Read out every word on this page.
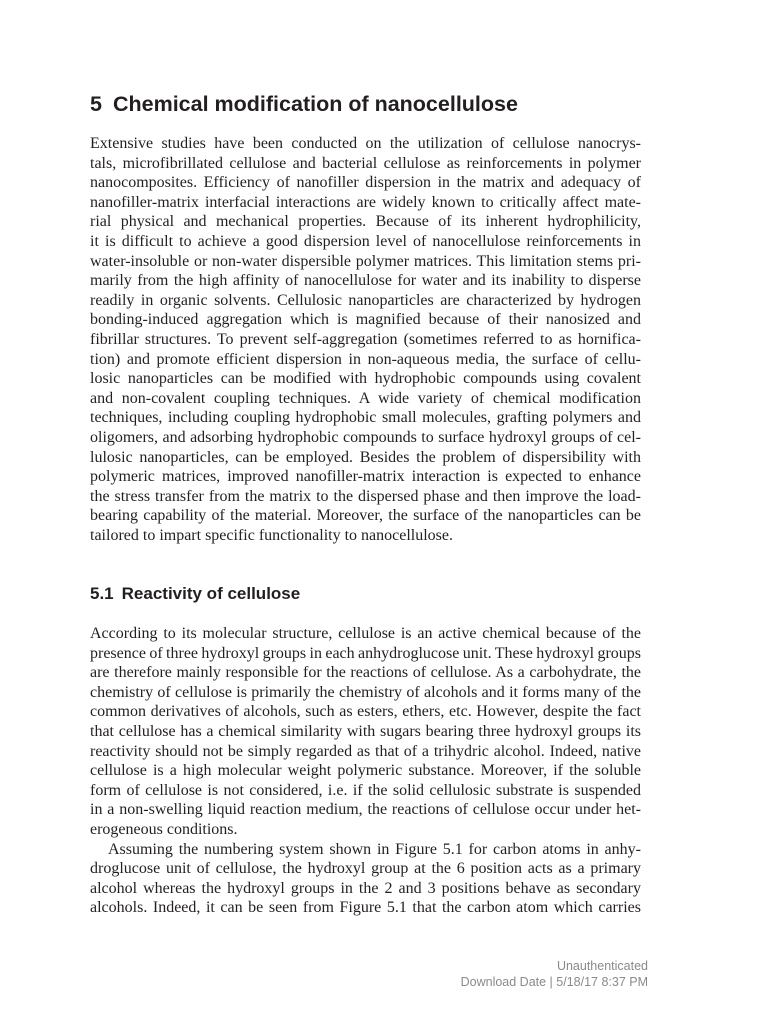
5 Chemical modification of nanocellulose
Extensive studies have been conducted on the utilization of cellulose nanocrys-
tals, microfibrillated cellulose and bacterial cellulose as reinforcements in polymer
nanocomposites. Efficiency of nanofiller dispersion in the matrix and adequacy of
nanofiller-matrix interfacial interactions are widely known to critically affect mate-
rial physical and mechanical properties. Because of its inherent hydrophilicity,
it is difficult to achieve a good dispersion level of nanocellulose reinforcements in
water-insoluble or non-water dispersible polymer matrices. This limitation stems pri-
marily from the high affinity of nanocellulose for water and its inability to disperse
readily in organic solvents. Cellulosic nanoparticles are characterized by hydrogen
bonding-induced aggregation which is magnified because of their nanosized and
fibrillar structures. To prevent self-aggregation (sometimes referred to as hornifica-
tion) and promote efficient dispersion in non-aqueous media, the surface of cellu-
losic nanoparticles can be modified with hydrophobic compounds using covalent
and non-covalent coupling techniques. A wide variety of chemical modification
techniques, including coupling hydrophobic small molecules, grafting polymers and
oligomers, and adsorbing hydrophobic compounds to surface hydroxyl groups of cel-
lulosic nanoparticles, can be employed. Besides the problem of dispersibility with
polymeric matrices, improved nanofiller-matrix interaction is expected to enhance
the stress transfer from the matrix to the dispersed phase and then improve the load-
bearing capability of the material. Moreover, the surface of the nanoparticles can be
tailored to impart specific functionality to nanocellulose.
5.1 Reactivity of cellulose
According to its molecular structure, cellulose is an active chemical because of the
presence of three hydroxyl groups in each anhydroglucose unit. These hydroxyl groups
are therefore mainly responsible for the reactions of cellulose. As a carbohydrate, the
chemistry of cellulose is primarily the chemistry of alcohols and it forms many of the
common derivatives of alcohols, such as esters, ethers, etc. However, despite the fact
that cellulose has a chemical similarity with sugars bearing three hydroxyl groups its
reactivity should not be simply regarded as that of a trihydric alcohol. Indeed, native
cellulose is a high molecular weight polymeric substance. Moreover, if the soluble
form of cellulose is not considered, i.e. if the solid cellulosic substrate is suspended
in a non-swelling liquid reaction medium, the reactions of cellulose occur under het-
erogeneous conditions.
Assuming the numbering system shown in Figure 5.1 for carbon atoms in anhy-
droglucose unit of cellulose, the hydroxyl group at the 6 position acts as a primary
alcohol whereas the hydroxyl groups in the 2 and 3 positions behave as secondary
alcohols. Indeed, it can be seen from Figure 5.1 that the carbon atom which carries
Unauthenticated
Download Date | 5/18/17 8:37 PM
